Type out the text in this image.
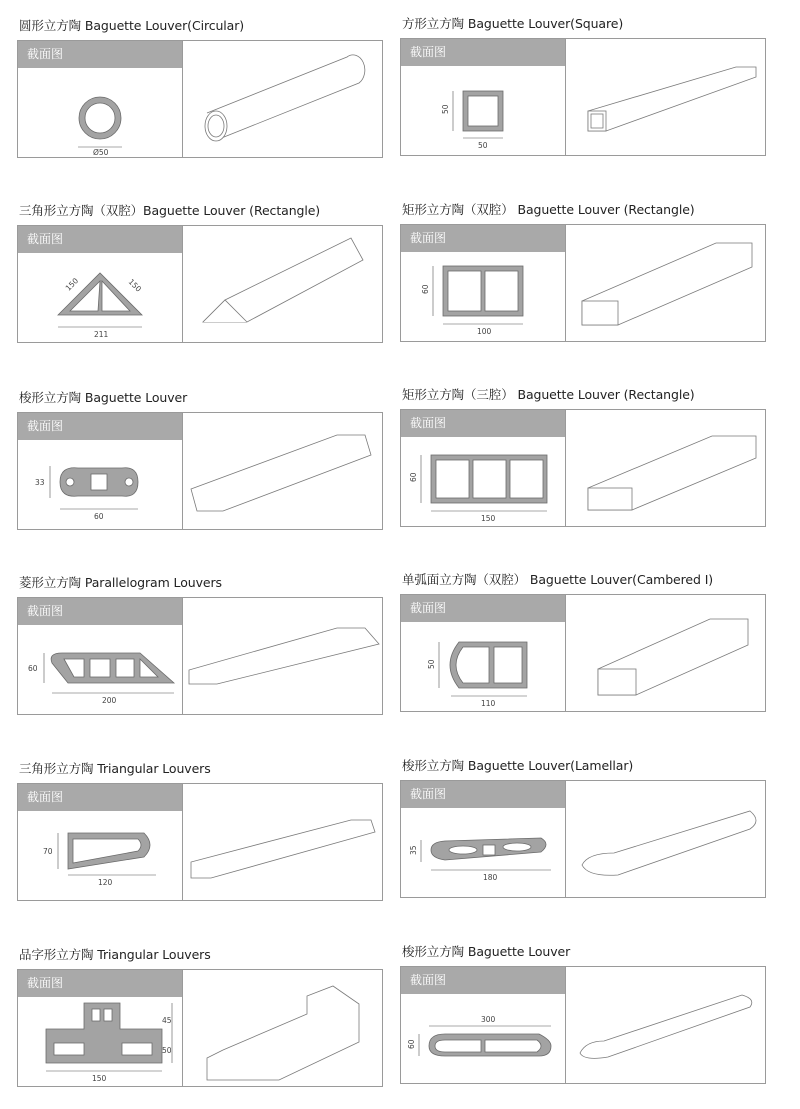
圆形立方陶 Baguette Louver(Circular)
截面图
Ø50
方形立方陶 Baguette Louver(Square)
截面图
50
50
三角形立方陶（双腔）Baguette Louver (Rectangle)
截面图
211
150	150
矩形立方陶（双腔） Baguette Louver (Rectangle)
截面图
60
100
梭形立方陶 Baguette Louver
截面图
33
60
矩形立方陶（三腔） Baguette Louver (Rectangle)
截面图
60
150
菱形立方陶 Parallelogram Louvers
截面图
60
200
单弧面立方陶（双腔） Baguette Louver(Cambered Ⅰ)
截面图
50
110
三角形立方陶 Triangular Louvers
截面图
70
120
梭形立方陶 Baguette Louver(Lamellar)
截面图
35
180
品字形立方陶 Triangular Louvers
截面图
45
50
150
梭形立方陶 Baguette Louver
截面图
300
60
